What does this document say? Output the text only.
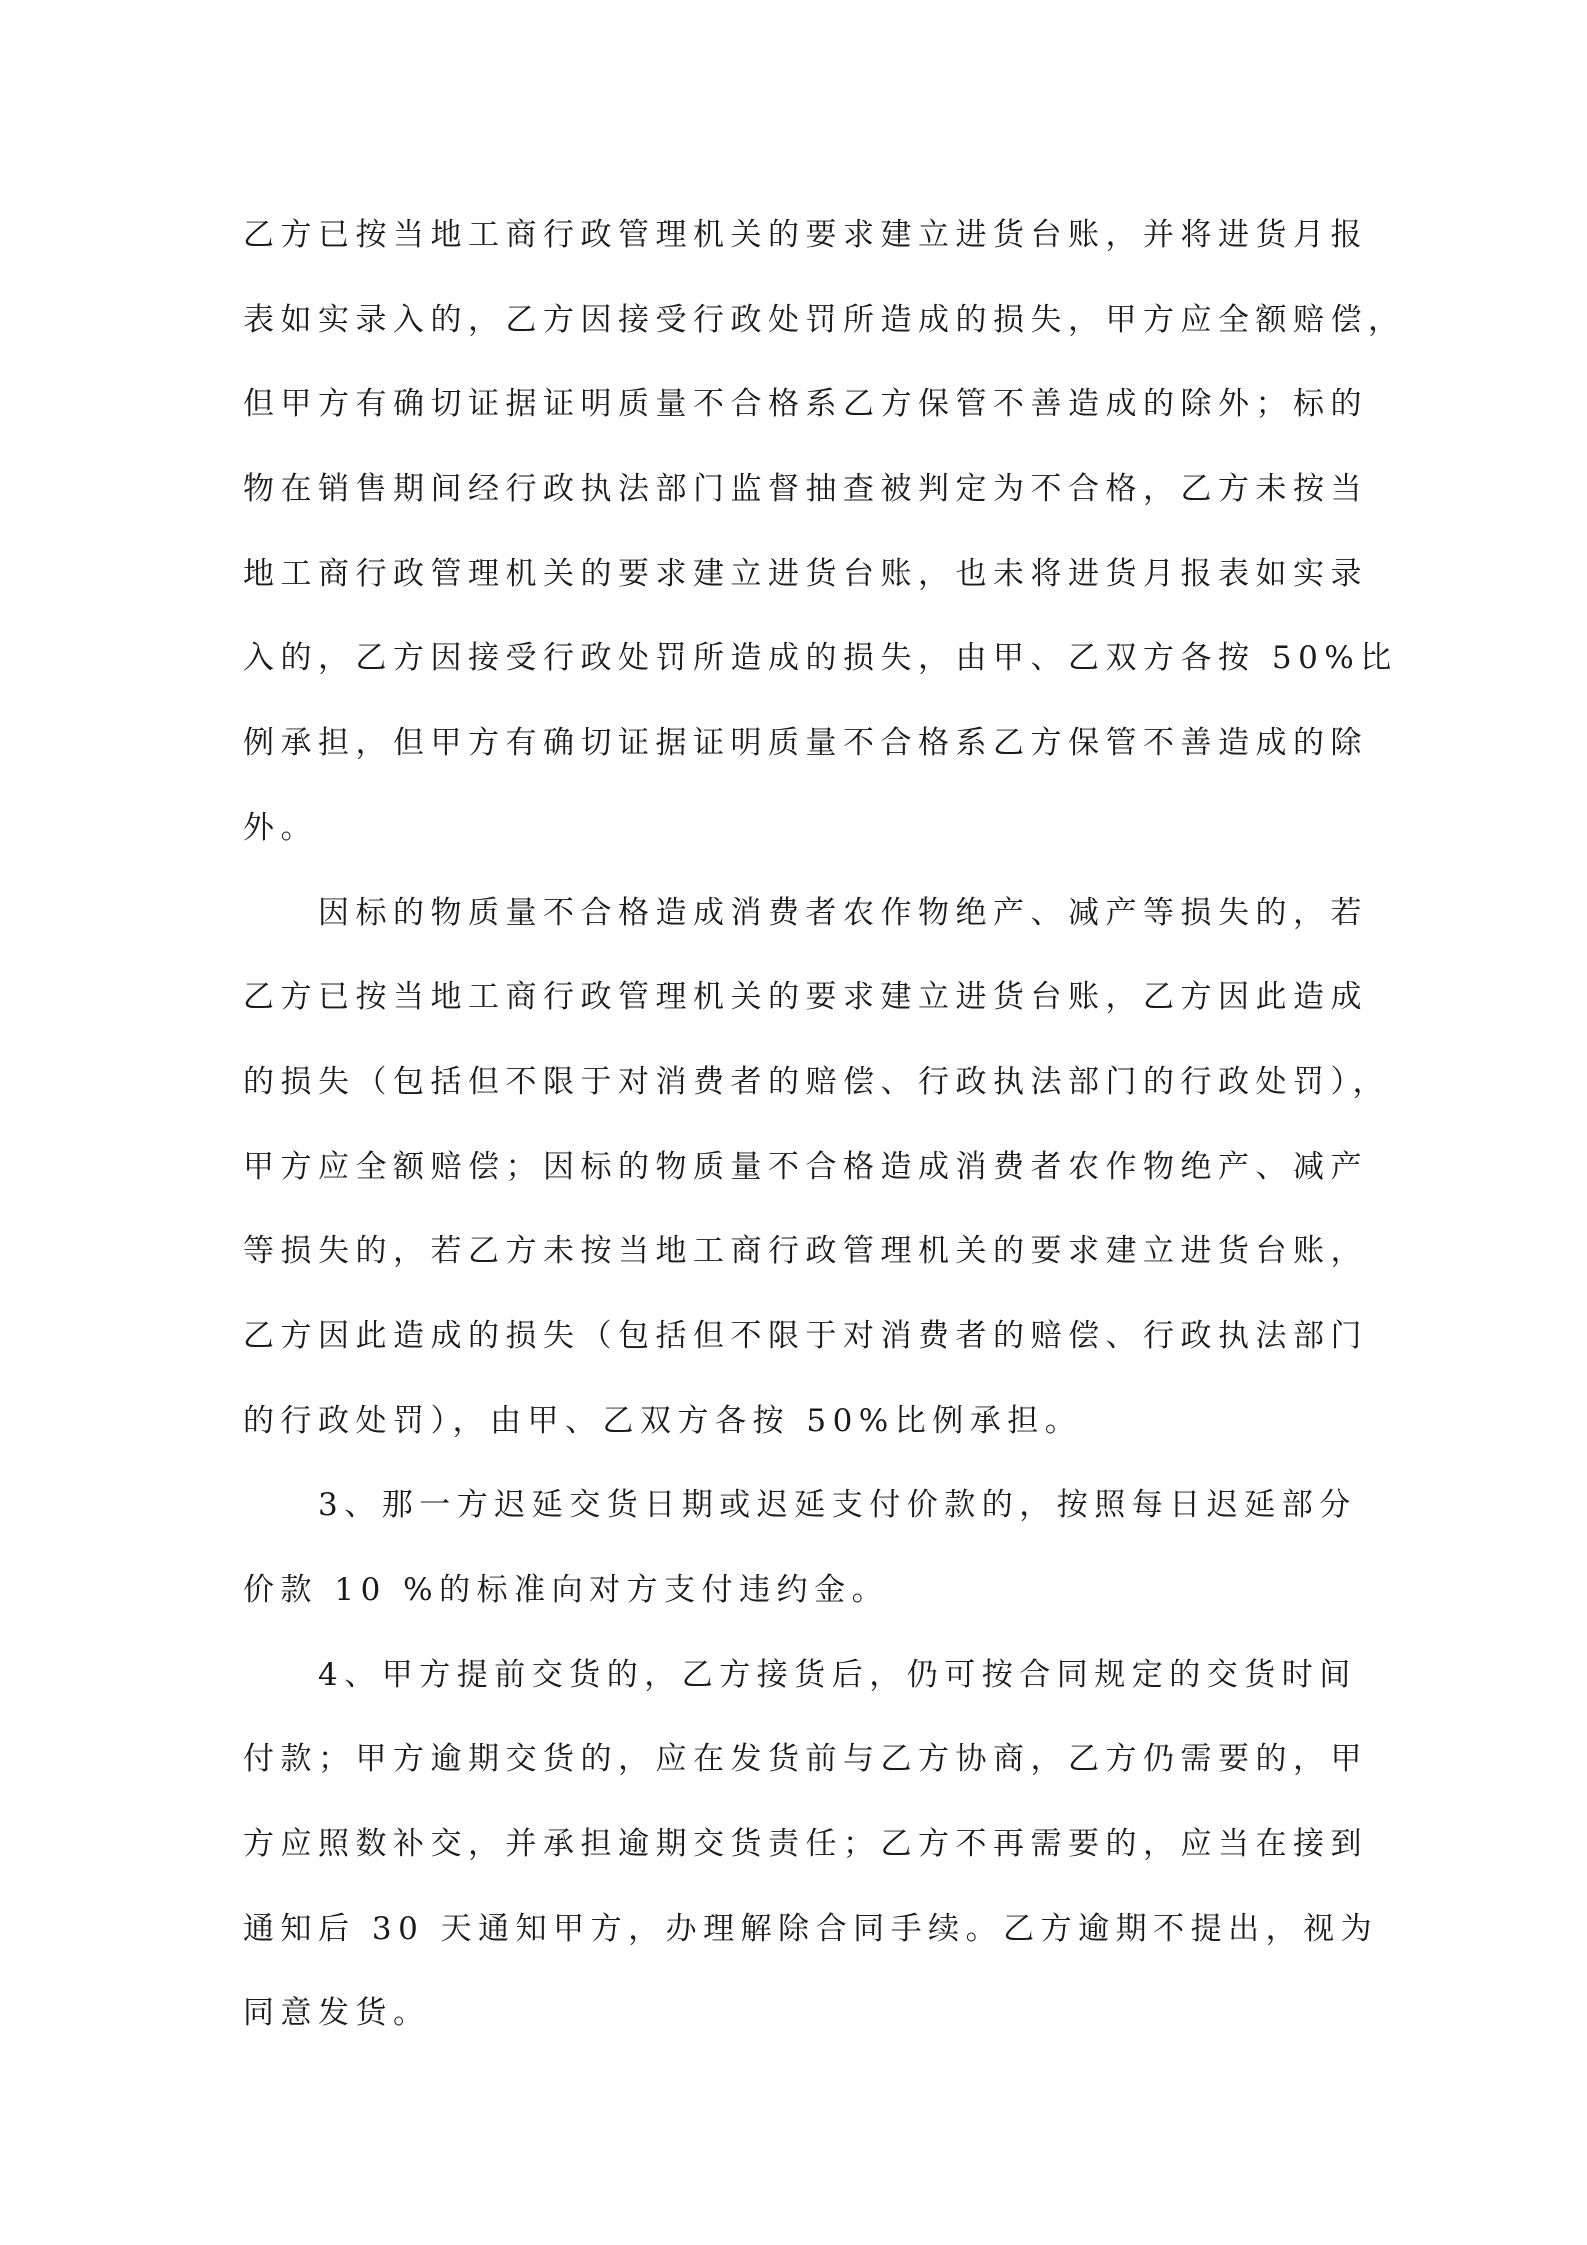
乙方已按当地工商行政管理机关的要求建立进货台账，并将进货月报

表如实录入的，乙方因接受行政处罚所造成的损失，甲方应全额赔偿，

但甲方有确切证据证明质量不合格系乙方保管不善造成的除外；标的

物在销售期间经行政执法部门监督抽查被判定为不合格，乙方未按当

地工商行政管理机关的要求建立进货台账，也未将进货月报表如实录

入的，乙方因接受行政处罚所造成的损失，由甲、乙双方各按 50%比

例承担，但甲方有确切证据证明质量不合格系乙方保管不善造成的除

外。

因标的物质量不合格造成消费者农作物绝产、减产等损失的，若

乙方已按当地工商行政管理机关的要求建立进货台账，乙方因此造成

的损失（包括但不限于对消费者的赔偿、行政执法部门的行政处罚），

甲方应全额赔偿；因标的物质量不合格造成消费者农作物绝产、减产

等损失的，若乙方未按当地工商行政管理机关的要求建立进货台账，

乙方因此造成的损失（包括但不限于对消费者的赔偿、行政执法部门

的行政处罚），由甲、乙双方各按 50%比例承担。

3、那一方迟延交货日期或迟延支付价款的，按照每日迟延部分

价款 10 %的标准向对方支付违约金。

4、甲方提前交货的，乙方接货后，仍可按合同规定的交货时间

付款；甲方逾期交货的，应在发货前与乙方协商，乙方仍需要的，甲

方应照数补交，并承担逾期交货责任；乙方不再需要的，应当在接到

通知后 30 天通知甲方，办理解除合同手续。乙方逾期不提出，视为

同意发货。
